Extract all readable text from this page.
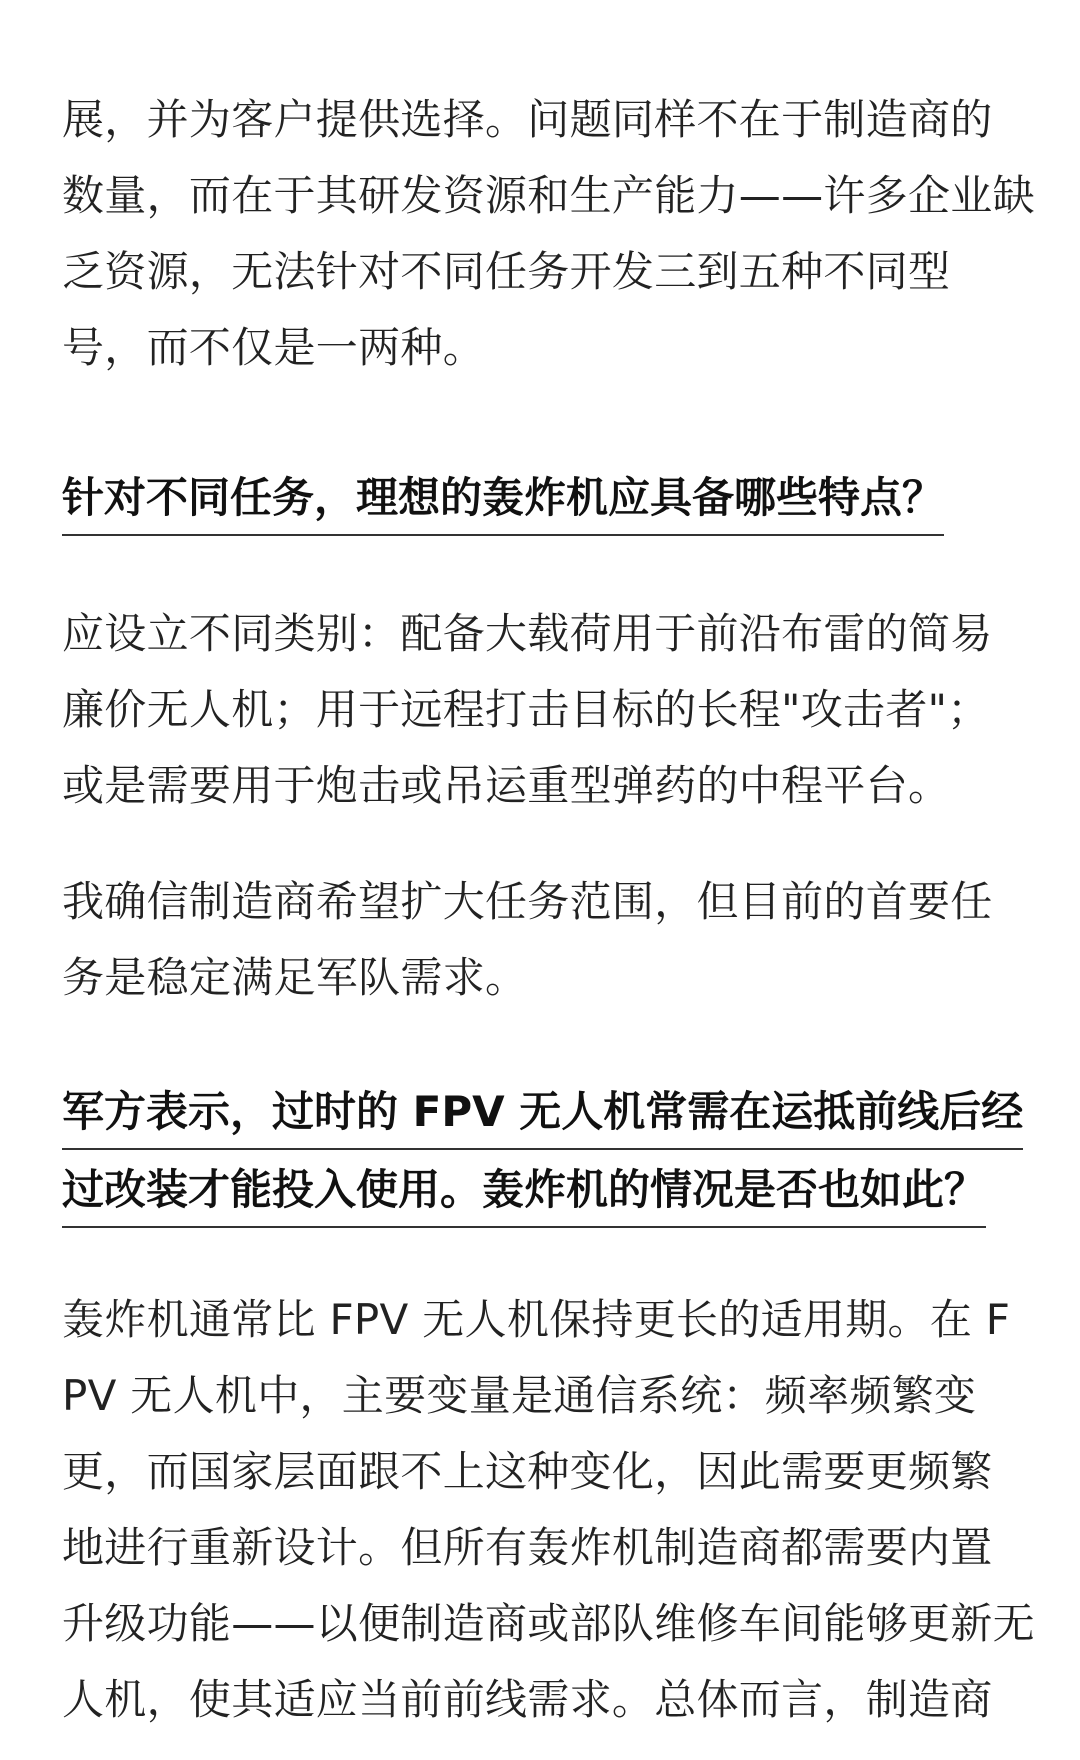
展，并为客户提供选择。问题同样不在于制造商的
数量，而在于其研发资源和生产能力——许多企业缺
乏资源，无法针对不同任务开发三到五种不同型
号，而不仅是一两种。

针对不同任务，理想的轰炸机应具备哪些特点？

应设立不同类别：配备大载荷用于前沿布雷的简易
廉价无人机；用于远程打击目标的长程"攻击者"；
或是需要用于炮击或吊运重型弹药的中程平台。

我确信制造商希望扩大任务范围，但目前的首要任
务是稳定满足军队需求。

军方表示，过时的 FPV 无人机常需在运抵前线后经
过改装才能投入使用。轰炸机的情况是否也如此？

轰炸机通常比 FPV 无人机保持更长的适用期。在 F
PV 无人机中，主要变量是通信系统：频率频繁变
更，而国家层面跟不上这种变化，因此需要更频繁
地进行重新设计。但所有轰炸机制造商都需要内置
升级功能——以便制造商或部队维修车间能够更新无
人机，使其适应当前前线需求。总体而言，制造商
